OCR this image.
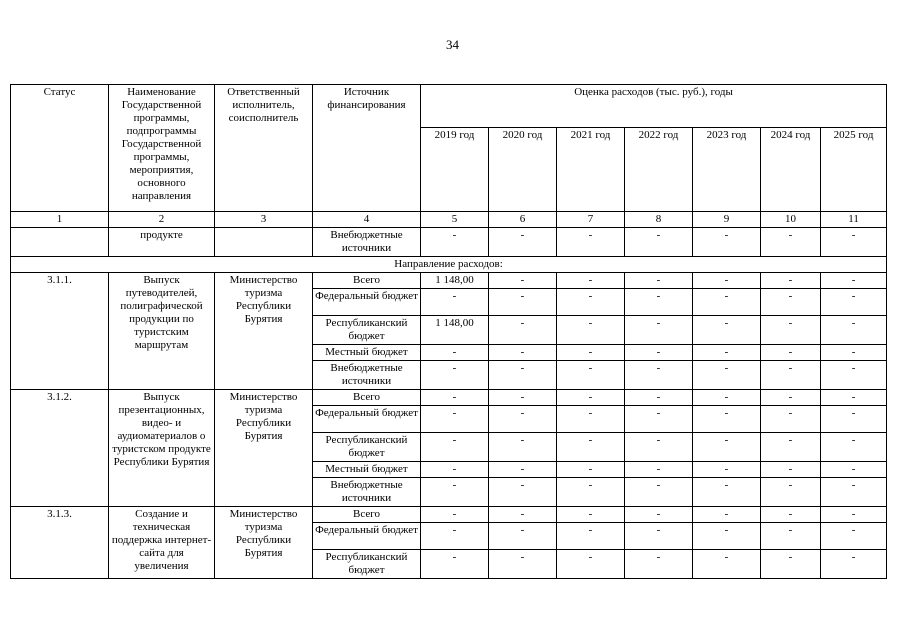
34
Статус	Наименование Государственной программы, подпрограммы Государственной программы, мероприятия, основного направления	Ответственный исполнитель, соисполнитель	Источник финансирования	Оценка расходов (тыс. руб.), годы						
				2019 год	2020 год	2021 год	2022 год	2023 год	2024 год	2025 год
1	2	3	4	5	6	7	8	9	10	11
	продукте		Внебюджетные источники	-	-	-	-	-	-	-
Направление расходов:										
3.1.1.	Выпуск путеводителей, полиграфической продукции по туристским маршрутам	Министерство туризма Республики Бурятия	Всего	1 148,00	-	-	-	-	-	-
			Федеральный бюджет	-	-	-	-	-	-	-
			Республиканский бюджет	1 148,00	-	-	-	-	-	-
			Местный бюджет	-	-	-	-	-	-	-
			Внебюджетные источники	-	-	-	-	-	-	-
3.1.2.	Выпуск презентационных, видео- и аудиоматериалов о туристском продукте Республики Бурятия	Министерство туризма Республики Бурятия	Всего	-	-	-	-	-	-	-
			Федеральный бюджет	-	-	-	-	-	-	-
			Республиканский бюджет	-	-	-	-	-	-	-
			Местный бюджет	-	-	-	-	-	-	-
			Внебюджетные источники	-	-	-	-	-	-	-
3.1.3.	Создание и техническая поддержка интернет-сайта для увеличения	Министерство туризма Республики Бурятия	Всего	-	-	-	-	-	-	-
			Федеральный бюджет	-	-	-	-	-	-	-
			Республиканский бюджет	-	-	-	-	-	-	-
